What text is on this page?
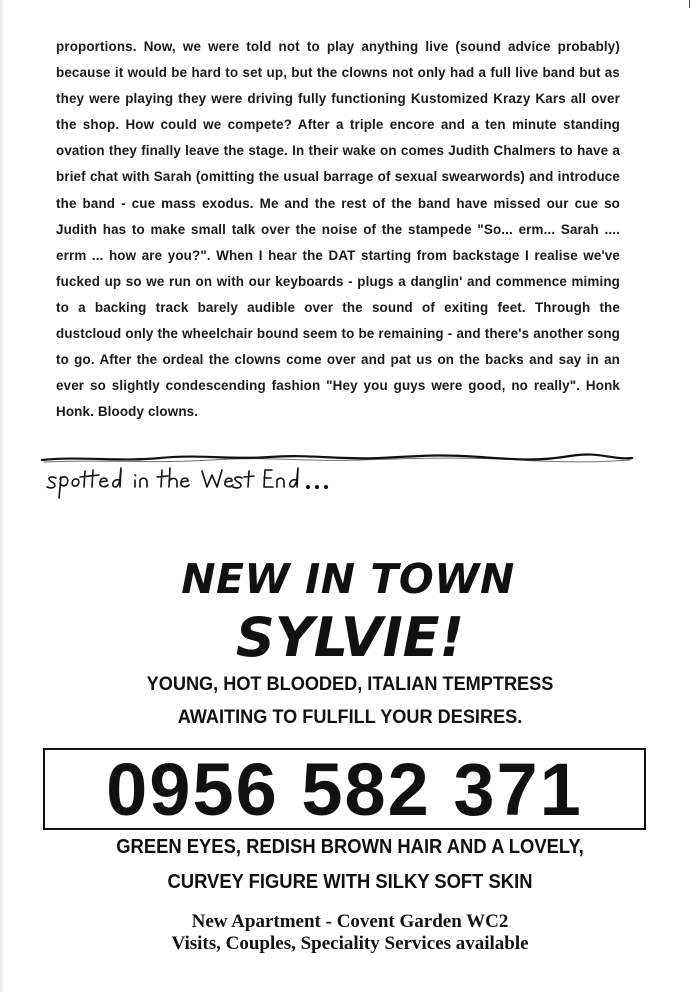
proportions. Now, we were told not to play anything live (sound advice probably) because it would be hard to set up, but the clowns not only had a full live band but as they were playing they were driving fully functioning Kustomized Krazy Kars all over the shop. How could we compete? After a triple encore and a ten minute standing ovation they finally leave the stage. In their wake on comes Judith Chalmers to have a brief chat with Sarah (omitting the usual barrage of sexual swearwords) and introduce the band - cue mass exodus. Me and the rest of the band have missed our cue so Judith has to make small talk over the noise of the stampede "So... erm... Sarah .... errm ... how are you?". When I hear the DAT starting from backstage I realise we've fucked up so we run on with our keyboards - plugs a danglin' and commence miming to a backing track barely audible over the sound of exiting feet. Through the dustcloud only the wheelchair bound seem to be remaining - and there's another song to go. After the ordeal the clowns come over and pat us on the backs and say in an ever so slightly condescending fashion "Hey you guys were good, no really". Honk Honk. Bloody clowns.

NEW IN TOWN
SYLVIE!
YOUNG, HOT BLOODED, ITALIAN TEMPTRESS
AWAITING TO FULFILL YOUR DESIRES.
0956 582 371
GREEN EYES, REDISH BROWN HAIR AND A LOVELY,
CURVEY FIGURE WITH SILKY SOFT SKIN
New Apartment - Covent Garden WC2
Visits, Couples, Speciality Services available
